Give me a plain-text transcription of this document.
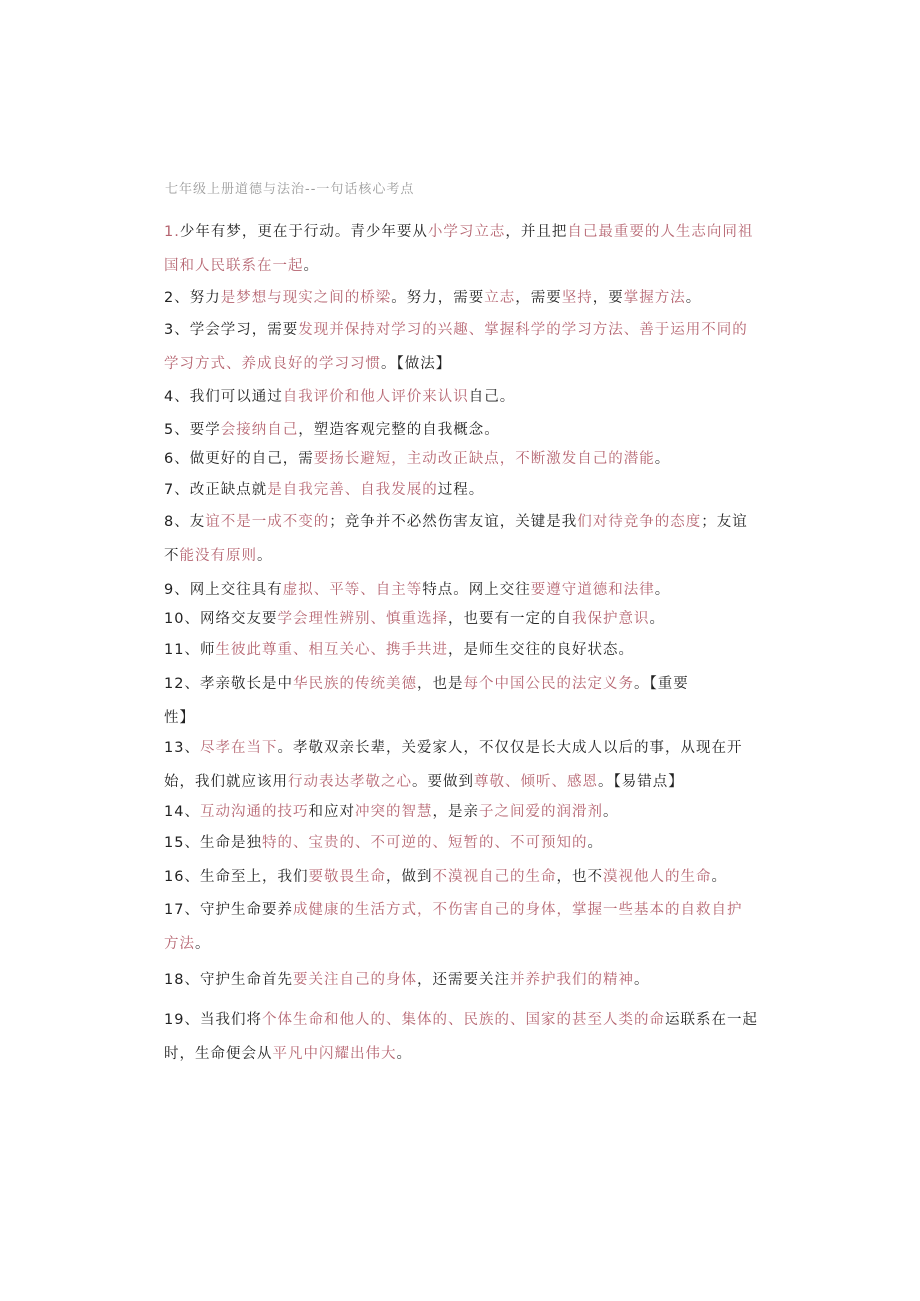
七年级上册道德与法治--一句话核心考点
1.少年有梦，更在于行动。青少年要从小学习立志，并且把自己最重要的人生志向同祖
国和人民联系在一起。
2、努力是梦想与现实之间的桥梁。努力，需要立志，需要坚持，要掌握方法。
3、学会学习，需要发现并保持对学习的兴趣、掌握科学的学习方法、善于运用不同的
学习方式、养成良好的学习习惯。【做法】
4、我们可以通过自我评价和他人评价来认识自己。
5、要学会接纳自己，塑造客观完整的自我概念。
6、做更好的自己，需要扬长避短，主动改正缺点，不断激发自己的潜能。
7、改正缺点就是自我完善、自我发展的过程。
8、友谊不是一成不变的；竞争并不必然伤害友谊，关键是我们对待竞争的态度；友谊
不能没有原则。
9、网上交往具有虚拟、平等、自主等特点。网上交往要遵守道德和法律。
10、网络交友要学会理性辨别、慎重选择，也要有一定的自我保护意识。
11、师生彼此尊重、相互关心、携手共进，是师生交往的良好状态。
12、孝亲敬长是中华民族的传统美德，也是每个中国公民的法定义务。【重要
性】
13、尽孝在当下。孝敬双亲长辈，关爱家人，不仅仅是长大成人以后的事，从现在开
始，我们就应该用行动表达孝敬之心。要做到尊敬、倾听、感恩。【易错点】
14、互动沟通的技巧和应对冲突的智慧，是亲子之间爱的润滑剂。
15、生命是独特的、宝贵的、不可逆的、短暂的、不可预知的。
16、生命至上，我们要敬畏生命，做到不漠视自己的生命，也不漠视他人的生命。
17、守护生命要养成健康的生活方式，不伤害自己的身体，掌握一些基本的自救自护
方法。
18、守护生命首先要关注自己的身体，还需要关注并养护我们的精神。
19、当我们将个体生命和他人的、集体的、民族的、国家的甚至人类的命运联系在一起
时，生命便会从平凡中闪耀出伟大。
